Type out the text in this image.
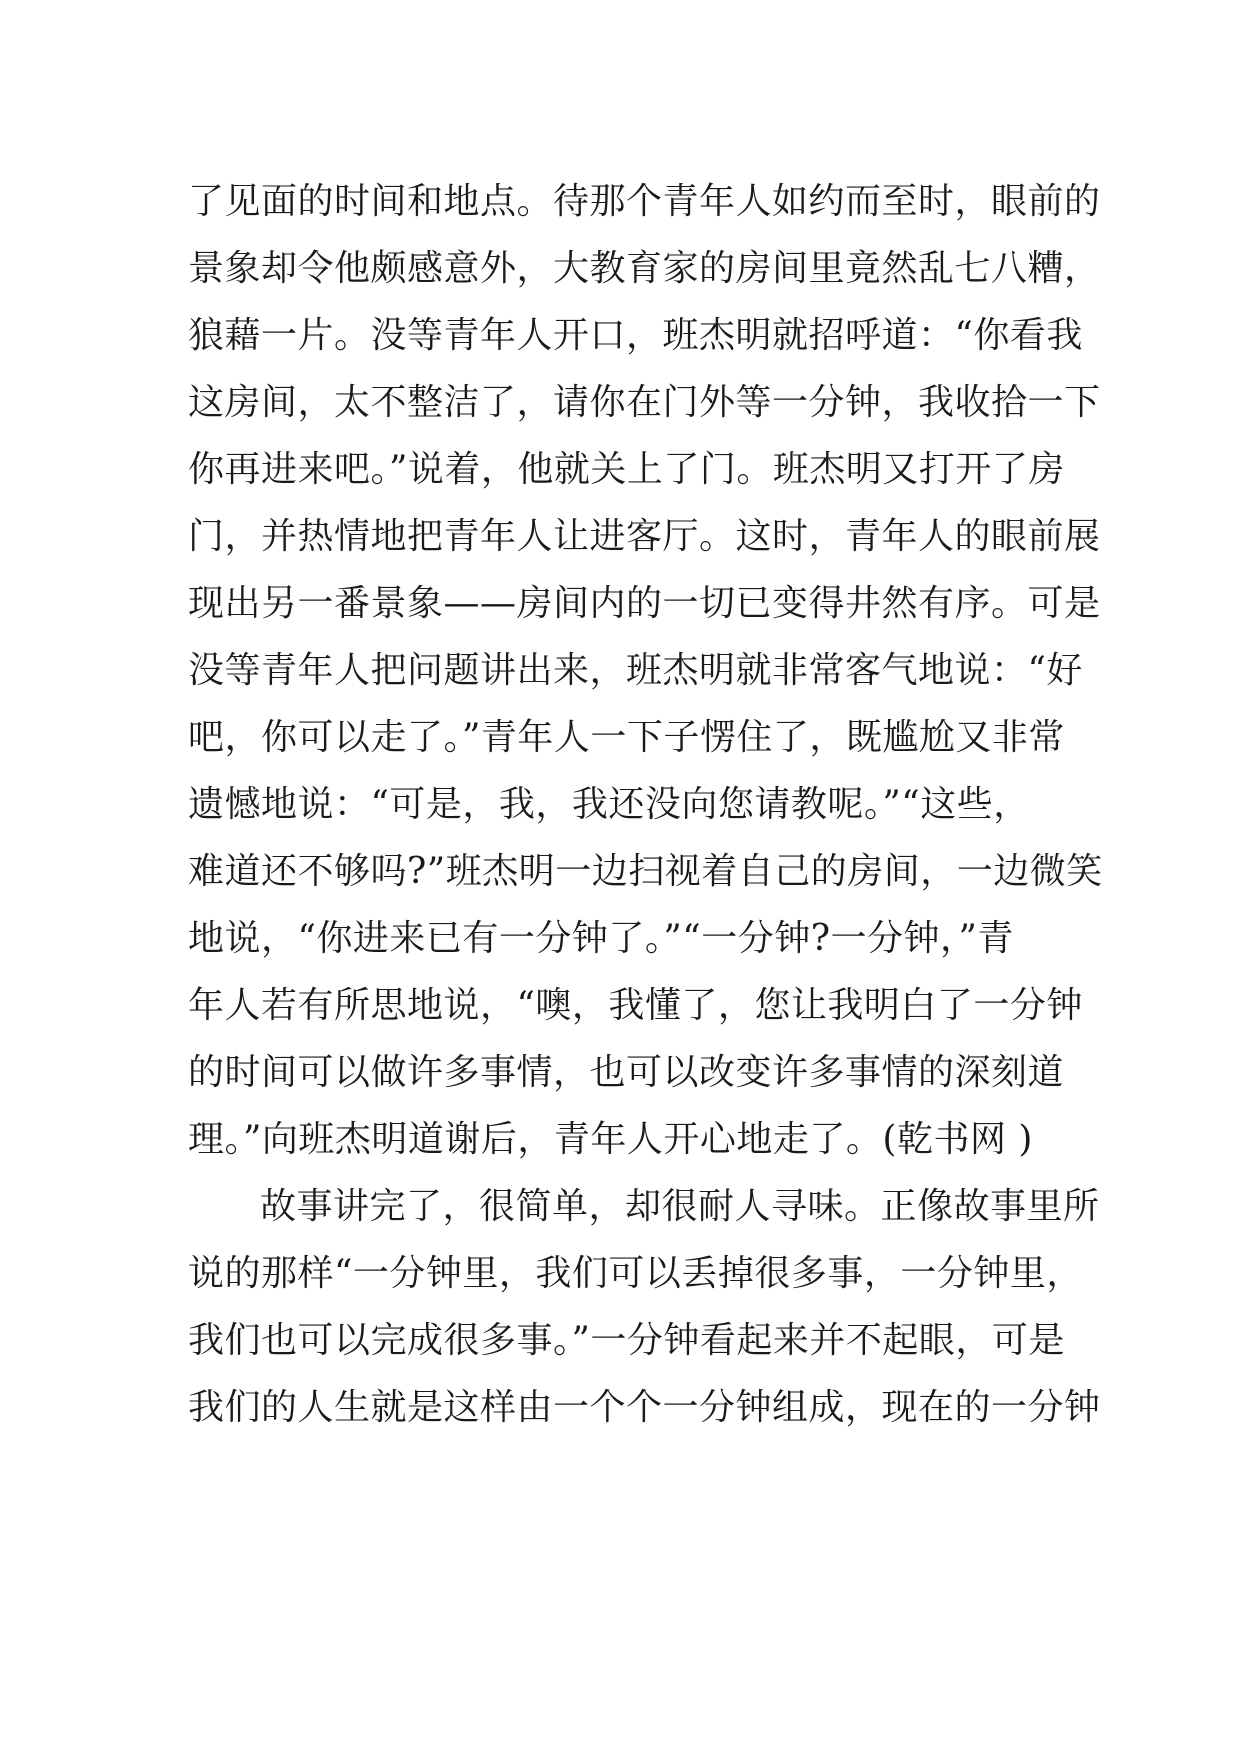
了见面的时间和地点。待那个青年人如约而至时，眼前的
景象却令他颇感意外，大教育家的房间里竟然乱七八糟，
狼藉一片。没等青年人开口，班杰明就招呼道：“你看我
这房间，太不整洁了，请你在门外等一分钟，我收拾一下
你再进来吧。”说着，他就关上了门。班杰明又打开了房
门，并热情地把青年人让进客厅。这时，青年人的眼前展
现出另一番景象——房间内的一切已变得井然有序。可是
没等青年人把问题讲出来，班杰明就非常客气地说：“好
吧，你可以走了。”青年人一下子愣住了，既尴尬又非常
遗憾地说：“可是，我，我还没向您请教呢。”“这些，
难道还不够吗?”班杰明一边扫视着自己的房间，一边微笑
地说，“你进来已有一分钟了。”“一分钟?一分钟，”青
年人若有所思地说，“噢，我懂了，您让我明白了一分钟
的时间可以做许多事情，也可以改变许多事情的深刻道
理。”向班杰明道谢后，青年人开心地走了。(乾书网 )
故事讲完了，很简单，却很耐人寻味。正像故事里所
说的那样“一分钟里，我们可以丢掉很多事，一分钟里，
我们也可以完成很多事。”一分钟看起来并不起眼，可是
我们的人生就是这样由一个个一分钟组成，现在的一分钟
